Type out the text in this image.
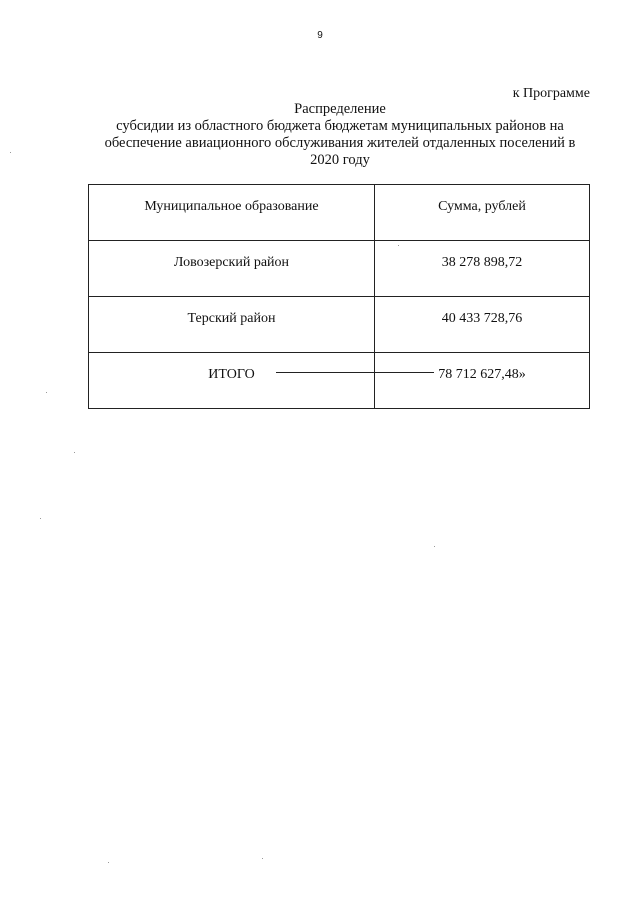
9
к Программе
Распределение
субсидии из областного бюджета бюджетам муниципальных районов на
обеспечение авиационного обслуживания жителей отдаленных поселений в
2020 году
Муниципальное образование	Сумма, рублей
Ловозерский район	38 278 898,72
Терский район	40 433 728,76
ИТОГО	78 712 627,48»
